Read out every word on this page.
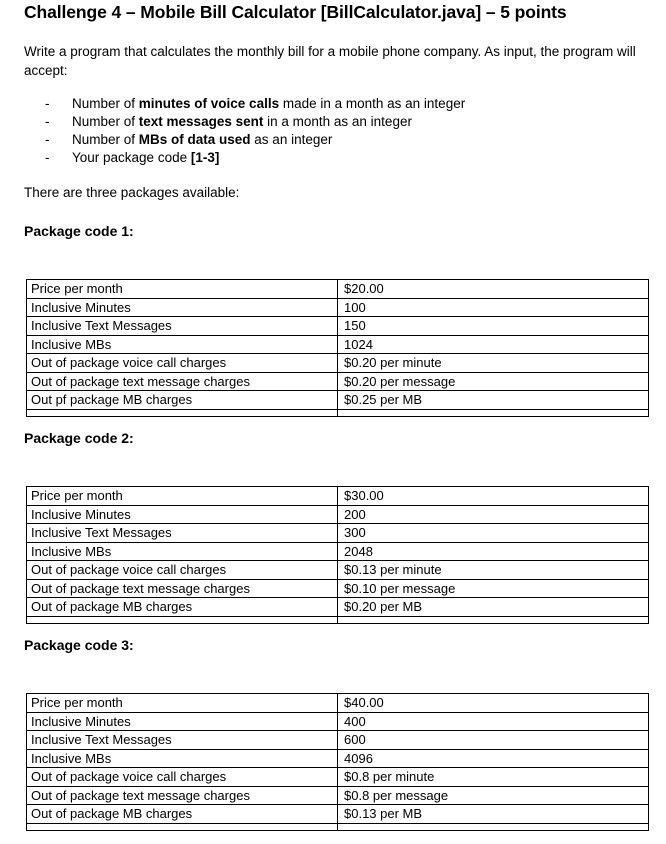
Challenge 4 – Mobile Bill Calculator [BillCalculator.java] – 5 points
Write a program that calculates the monthly bill for a mobile phone company. As input, the program will accept:
- Number of minutes of voice calls made in a month as an integer
- Number of text messages sent in a month as an integer
- Number of MBs of data used as an integer
- Your package code [1-3]
There are three packages available:
Package code 1:
Price per month	$20.00
Inclusive Minutes	100
Inclusive Text Messages	150
Inclusive MBs	1024
Out of package voice call charges	$0.20 per minute
Out of package text message charges	$0.20 per message
Out pf package MB charges	$0.25 per MB

Package code 2:
Price per month	$30.00
Inclusive Minutes	200
Inclusive Text Messages	300
Inclusive MBs	2048
Out of package voice call charges	$0.13 per minute
Out of package text message charges	$0.10 per message
Out of package MB charges	$0.20 per MB

Package code 3:
Price per month	$40.00
Inclusive Minutes	400
Inclusive Text Messages	600
Inclusive MBs	4096
Out of package voice call charges	$0.8 per minute
Out of package text message charges	$0.8 per message
Out of package MB charges	$0.13 per MB
